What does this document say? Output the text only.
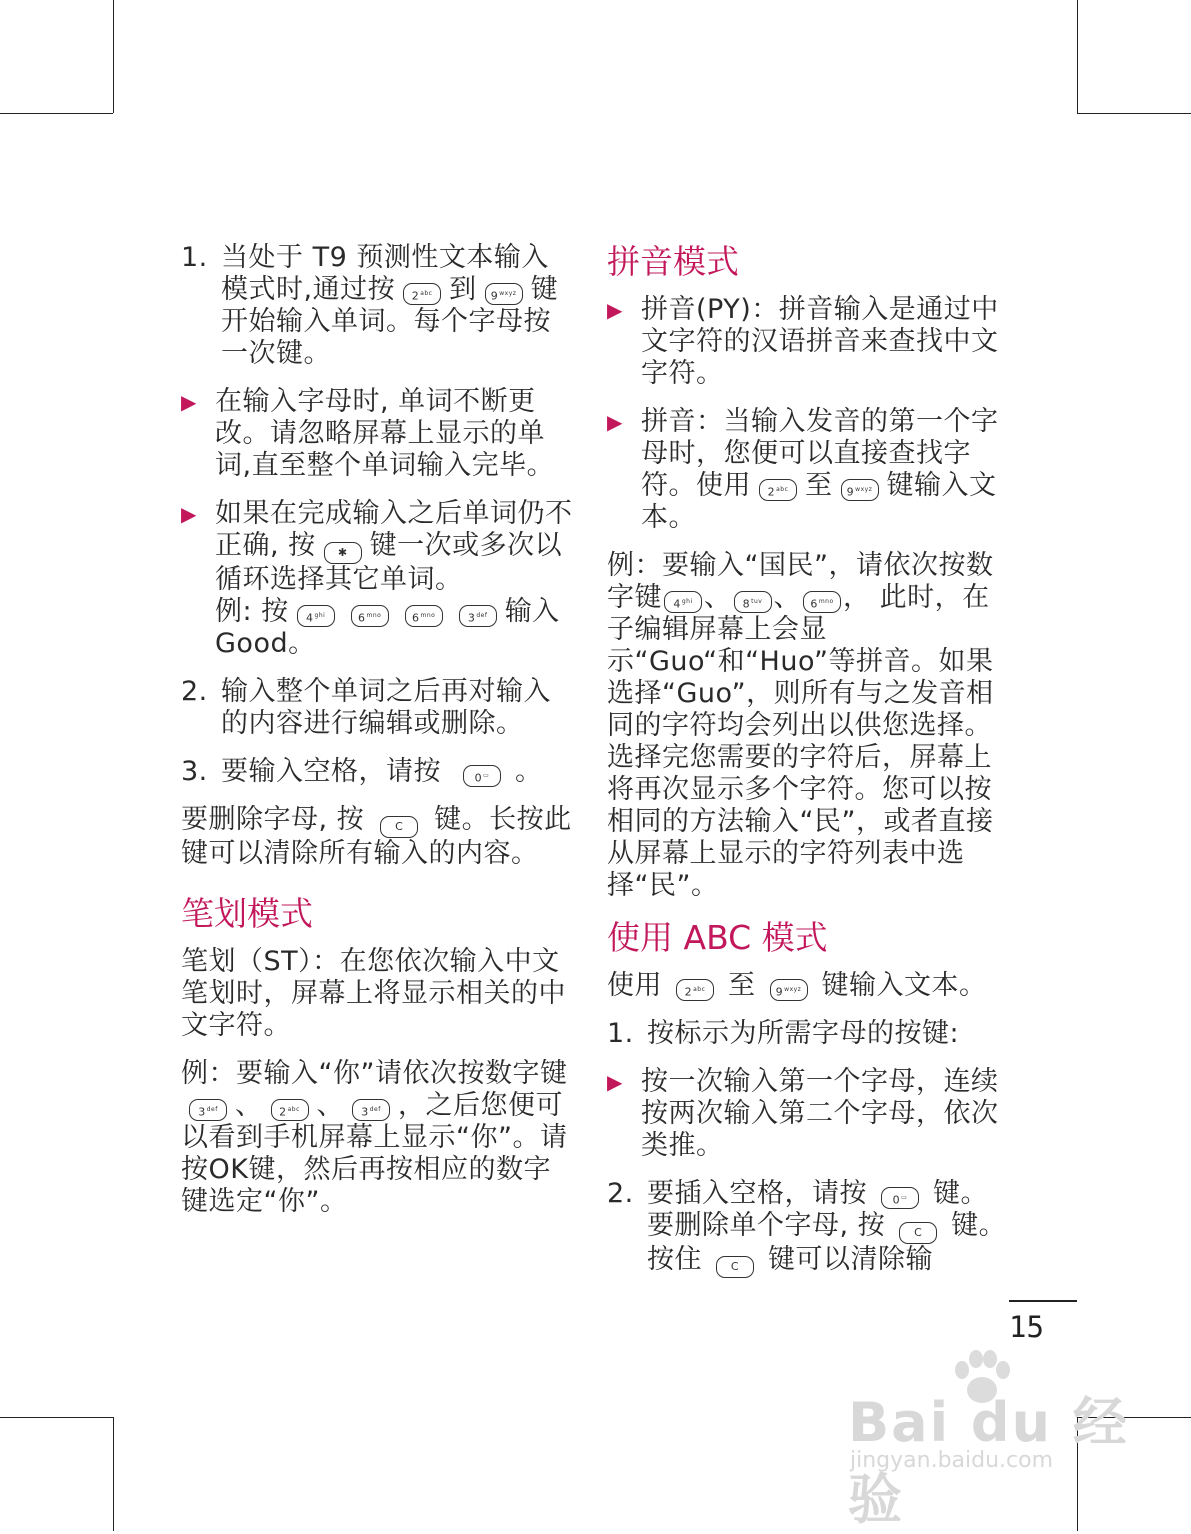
1. 当处于 T9 预测性文本输入模式时,通过按 $2^{abc}$ 到 $9^{wxyz}$ 键开始输入单词。每个字母按一次键。
▶ 在输入字母时, 单词不断更改。请忽略屏幕上显示的单词,直至整个单词输入完毕。
▶ 如果在完成输入之后单词仍不正确, 按 ✱ 键一次或多次以循环选择其它单词。
例: 按 $4^{ghi}$	$6^{mno}$	$6^{mno}$	$3^{def}$ 输入 Good。
2. 输入整个单词之后再对输入的内容进行编辑或删除。
3. 要输入空格，请按	0▭ 。
要删除字母, 按	C 键。长按此键可以清除所有输入的内容。
笔划模式
笔划（ST）：在您依次输入中文笔划时，屏幕上将显示相关的中文字符。
例：要输入“你”请依次按数字键$3^{def}$ 、 $2^{abc}$ 、 $3^{def}$ ，之后您便可以看到手机屏幕上显示“你”。请按OK键，然后再按相应的数字键选定“你”。
拼音模式
▶ 拼音(PY)：拼音输入是通过中文字符的汉语拼音来查找中文字符。
▶ 拼音：当输入发音的第一个字母时，您便可以直接查找字符。使用 $2^{abc}$ 至 $9^{wxyz}$ 键输入文本。
例：要输入“国民”，请依次按数字键 $4^{ghi}$ 、 $8^{tuv}$ 、 $6^{mno}$ ， 此时，在子编辑屏幕上会显示“Guo“和“Huo”等拼音。如果选择“Guo”，则所有与之发音相同的字符均会列出以供您选择。选择完您需要的字符后，屏幕上将再次显示多个字符。您可以按相同的方法输入“民”，或者直接从屏幕上显示的字符列表中选择“民”。
使用 ABC 模式
使用 $2^{abc}$ 至 $9^{wxyz}$ 键输入文本。
1. 按标示为所需字母的按键:
▶ 按一次输入第一个字母，连续按两次输入第二个字母，依次类推。
2. 要插入空格，请按 0▭ 键。要删除单个字母, 按	C 键。按住	C 键可以清除输
15
Bai du 经验
jingyan.baidu.com
